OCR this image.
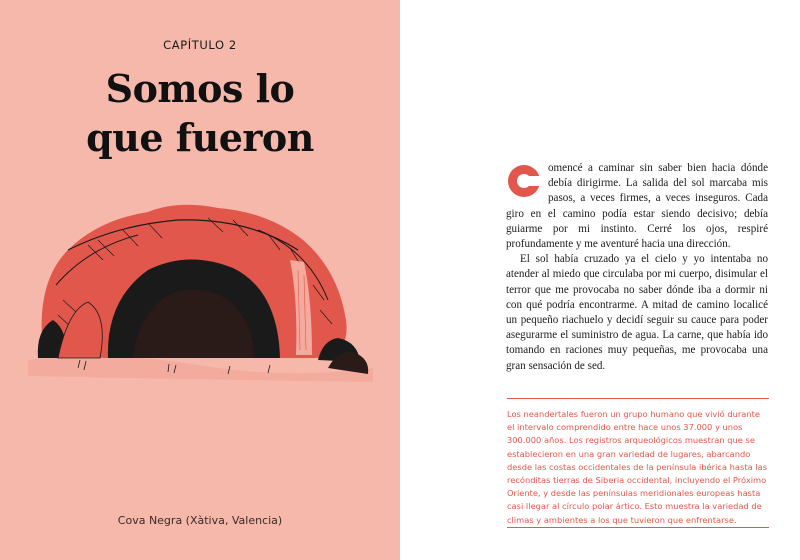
CAPÍTULO 2
Somos lo
que fueron
Cova Negra (Xàtiva, Valencia)

omencé a caminar sin saber bien hacia dónde debía dirigirme. La salida del sol marcaba mis pasos, a veces firmes, a veces inseguros. Cada giro en el camino podía estar siendo decisivo; debía guiarme por mi instinto. Cerré los ojos, respiré profundamente y me aventuré hacia una dirección.

El sol había cruzado ya el cielo y yo intentaba no atender al miedo que circulaba por mi cuerpo, disimular el terror que me provocaba no saber dónde iba a dormir ni con qué podría encontrarme. A mitad de camino localicé un pequeño riachuelo y decidí seguir su cauce para poder asegurarme el suministro de agua. La carne, que había ido tomando en raciones muy pequeñas, me provocaba una gran sensación de sed.

Los neandertales fueron un grupo humano que vivió durante el intervalo comprendido entre hace unos 37.000 y unos 300.000 años. Los registros arqueológicos muestran que se establecieron en una gran variedad de lugares, abarcando desde las costas occidentales de la península ibérica hasta las recónditas tierras de Siberia occidental, incluyendo el Próximo Oriente, y desde las penínsulas meridionales europeas hasta casi llegar al círculo polar ártico. Esto muestra la variedad de climas y ambientes a los que tuvieron que enfrentarse.
